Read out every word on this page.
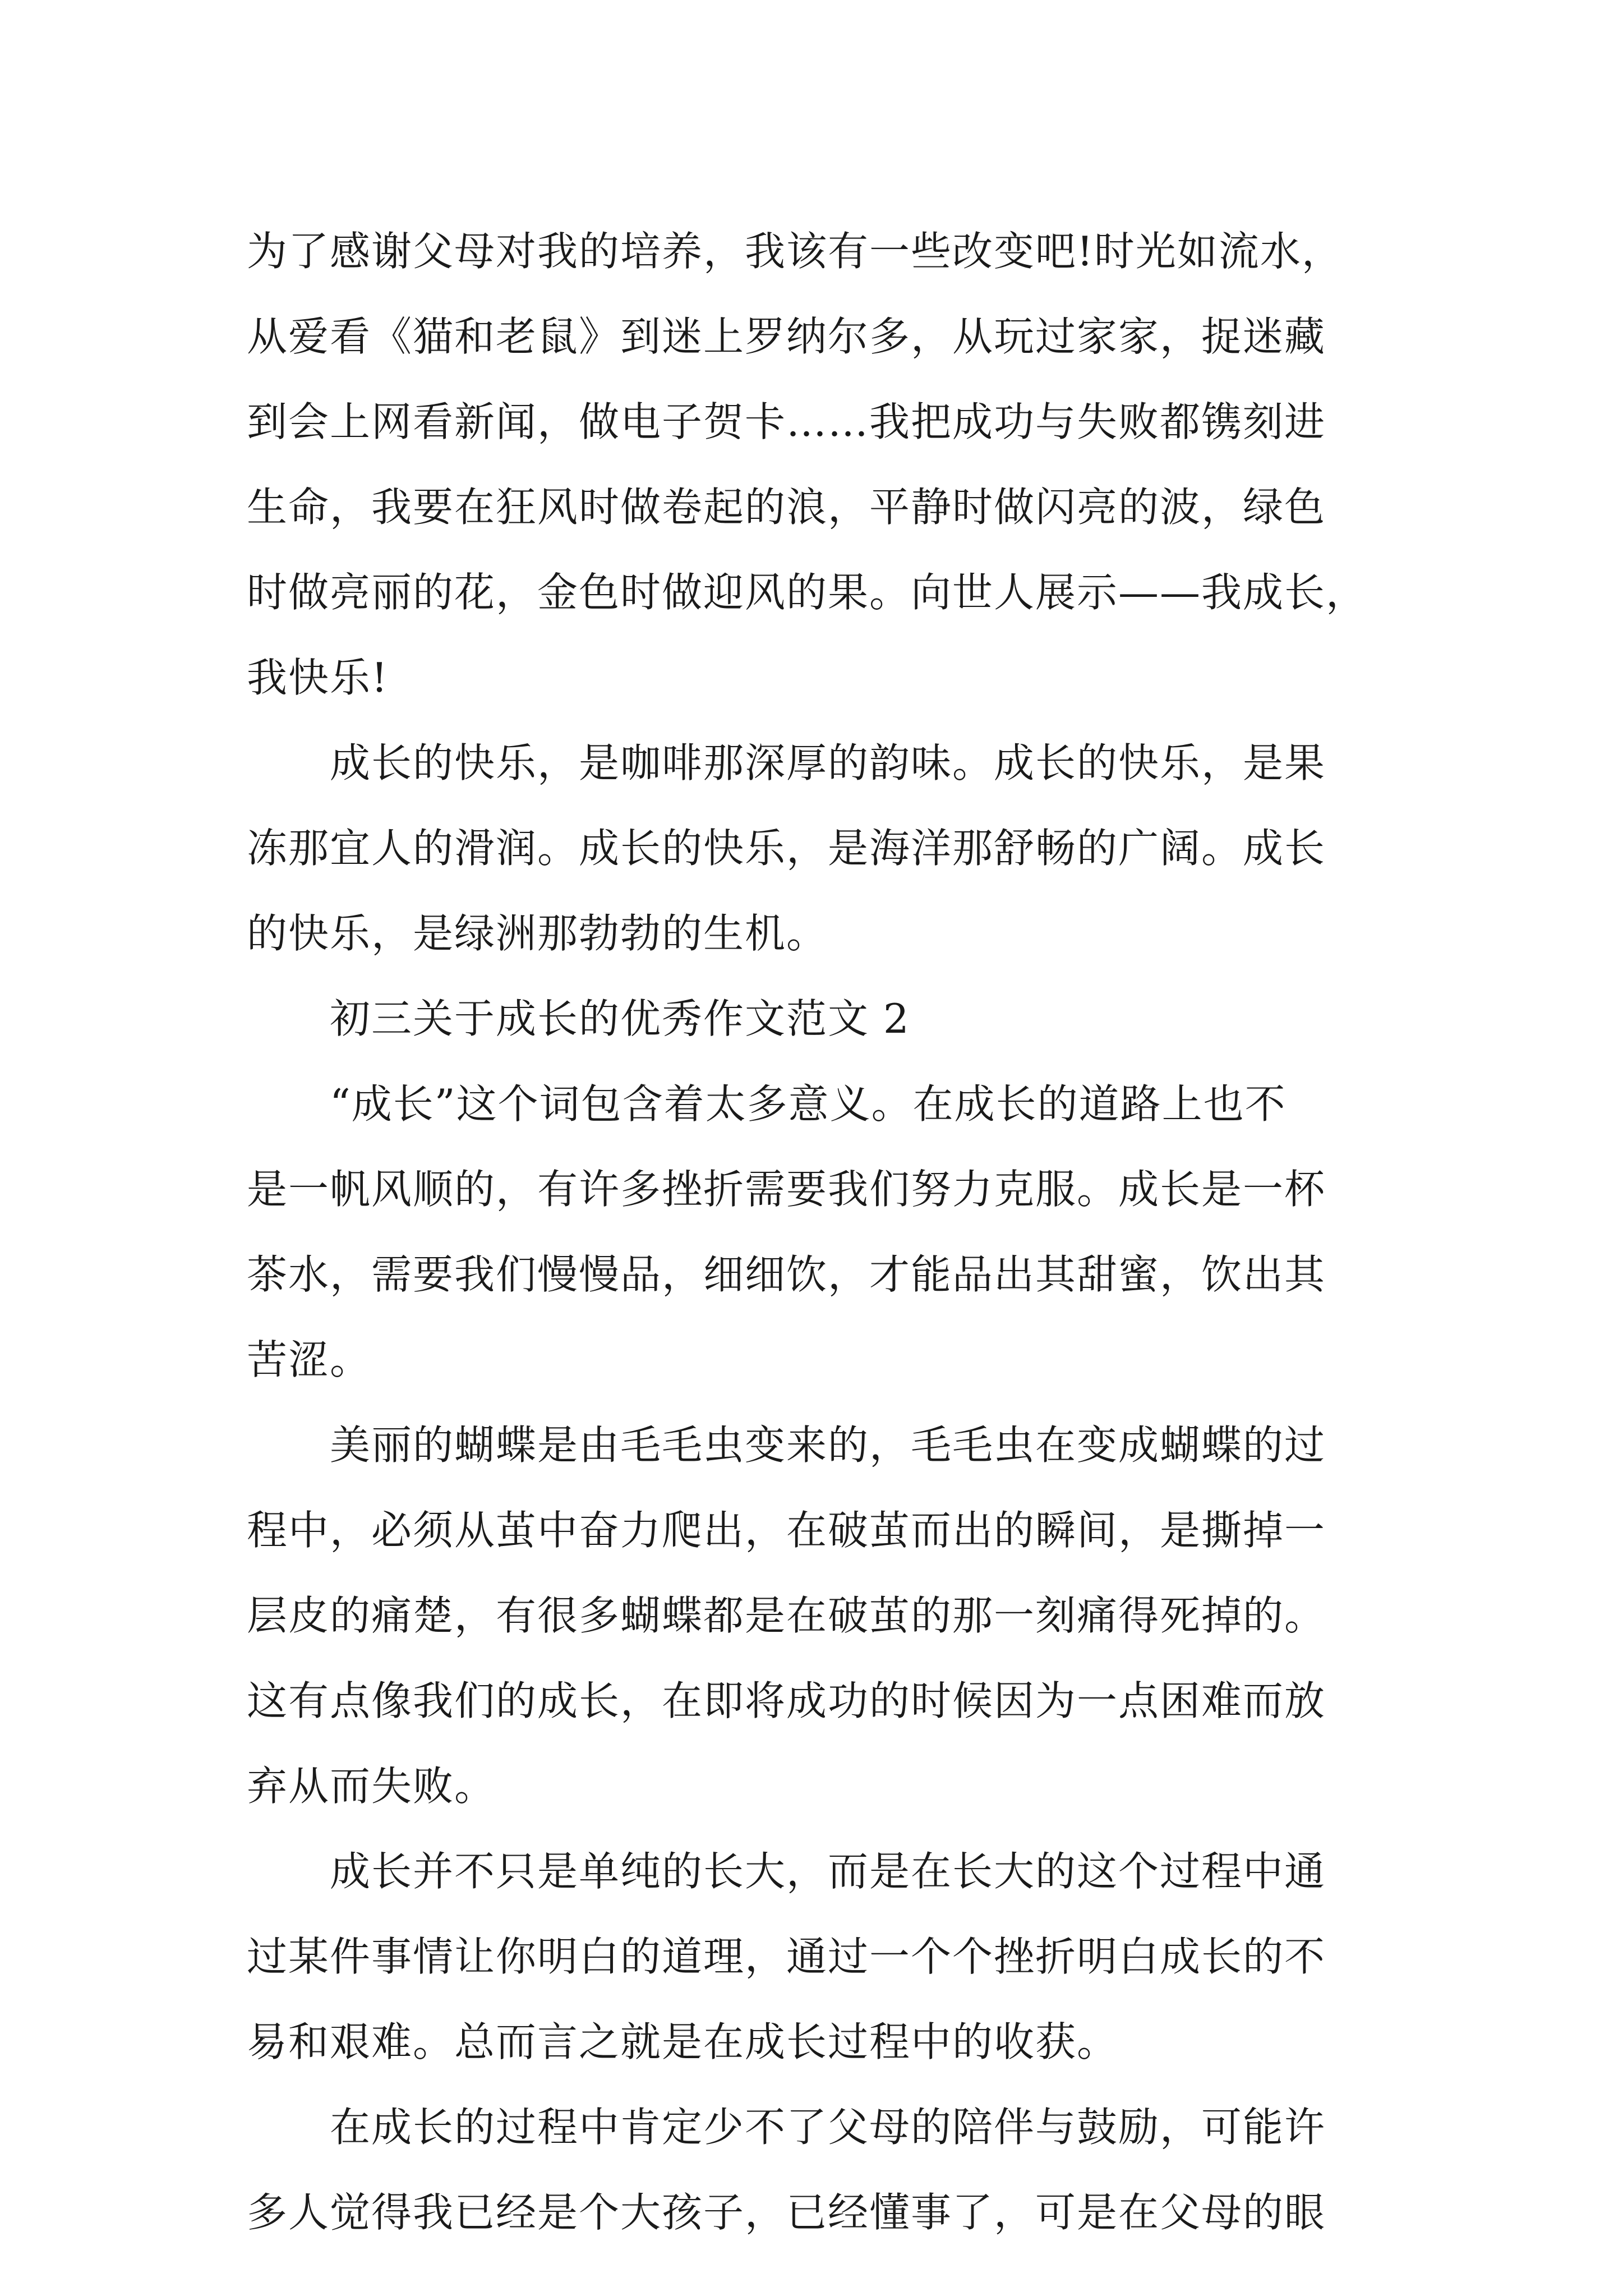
为了感谢父母对我的培养，我该有一些改变吧!时光如流水，
从爱看《猫和老鼠》到迷上罗纳尔多，从玩过家家，捉迷藏
到会上网看新闻，做电子贺卡……我把成功与失败都镌刻进
生命，我要在狂风时做卷起的浪，平静时做闪亮的波，绿色
时做亮丽的花，金色时做迎风的果。向世人展示——我成长，
我快乐!
成长的快乐，是咖啡那深厚的韵味。成长的快乐，是果
冻那宜人的滑润。成长的快乐，是海洋那舒畅的广阔。成长
的快乐，是绿洲那勃勃的生机。
初三关于成长的优秀作文范文 2
“成长”这个词包含着太多意义。在成长的道路上也不
是一帆风顺的，有许多挫折需要我们努力克服。成长是一杯
茶水，需要我们慢慢品，细细饮，才能品出其甜蜜，饮出其
苦涩。
美丽的蝴蝶是由毛毛虫变来的，毛毛虫在变成蝴蝶的过
程中，必须从茧中奋力爬出，在破茧而出的瞬间，是撕掉一
层皮的痛楚，有很多蝴蝶都是在破茧的那一刻痛得死掉的。
这有点像我们的成长，在即将成功的时候因为一点困难而放
弃从而失败。
成长并不只是单纯的长大，而是在长大的这个过程中通
过某件事情让你明白的道理，通过一个个挫折明白成长的不
易和艰难。总而言之就是在成长过程中的收获。
在成长的过程中肯定少不了父母的陪伴与鼓励，可能许
多人觉得我已经是个大孩子，已经懂事了，可是在父母的眼
